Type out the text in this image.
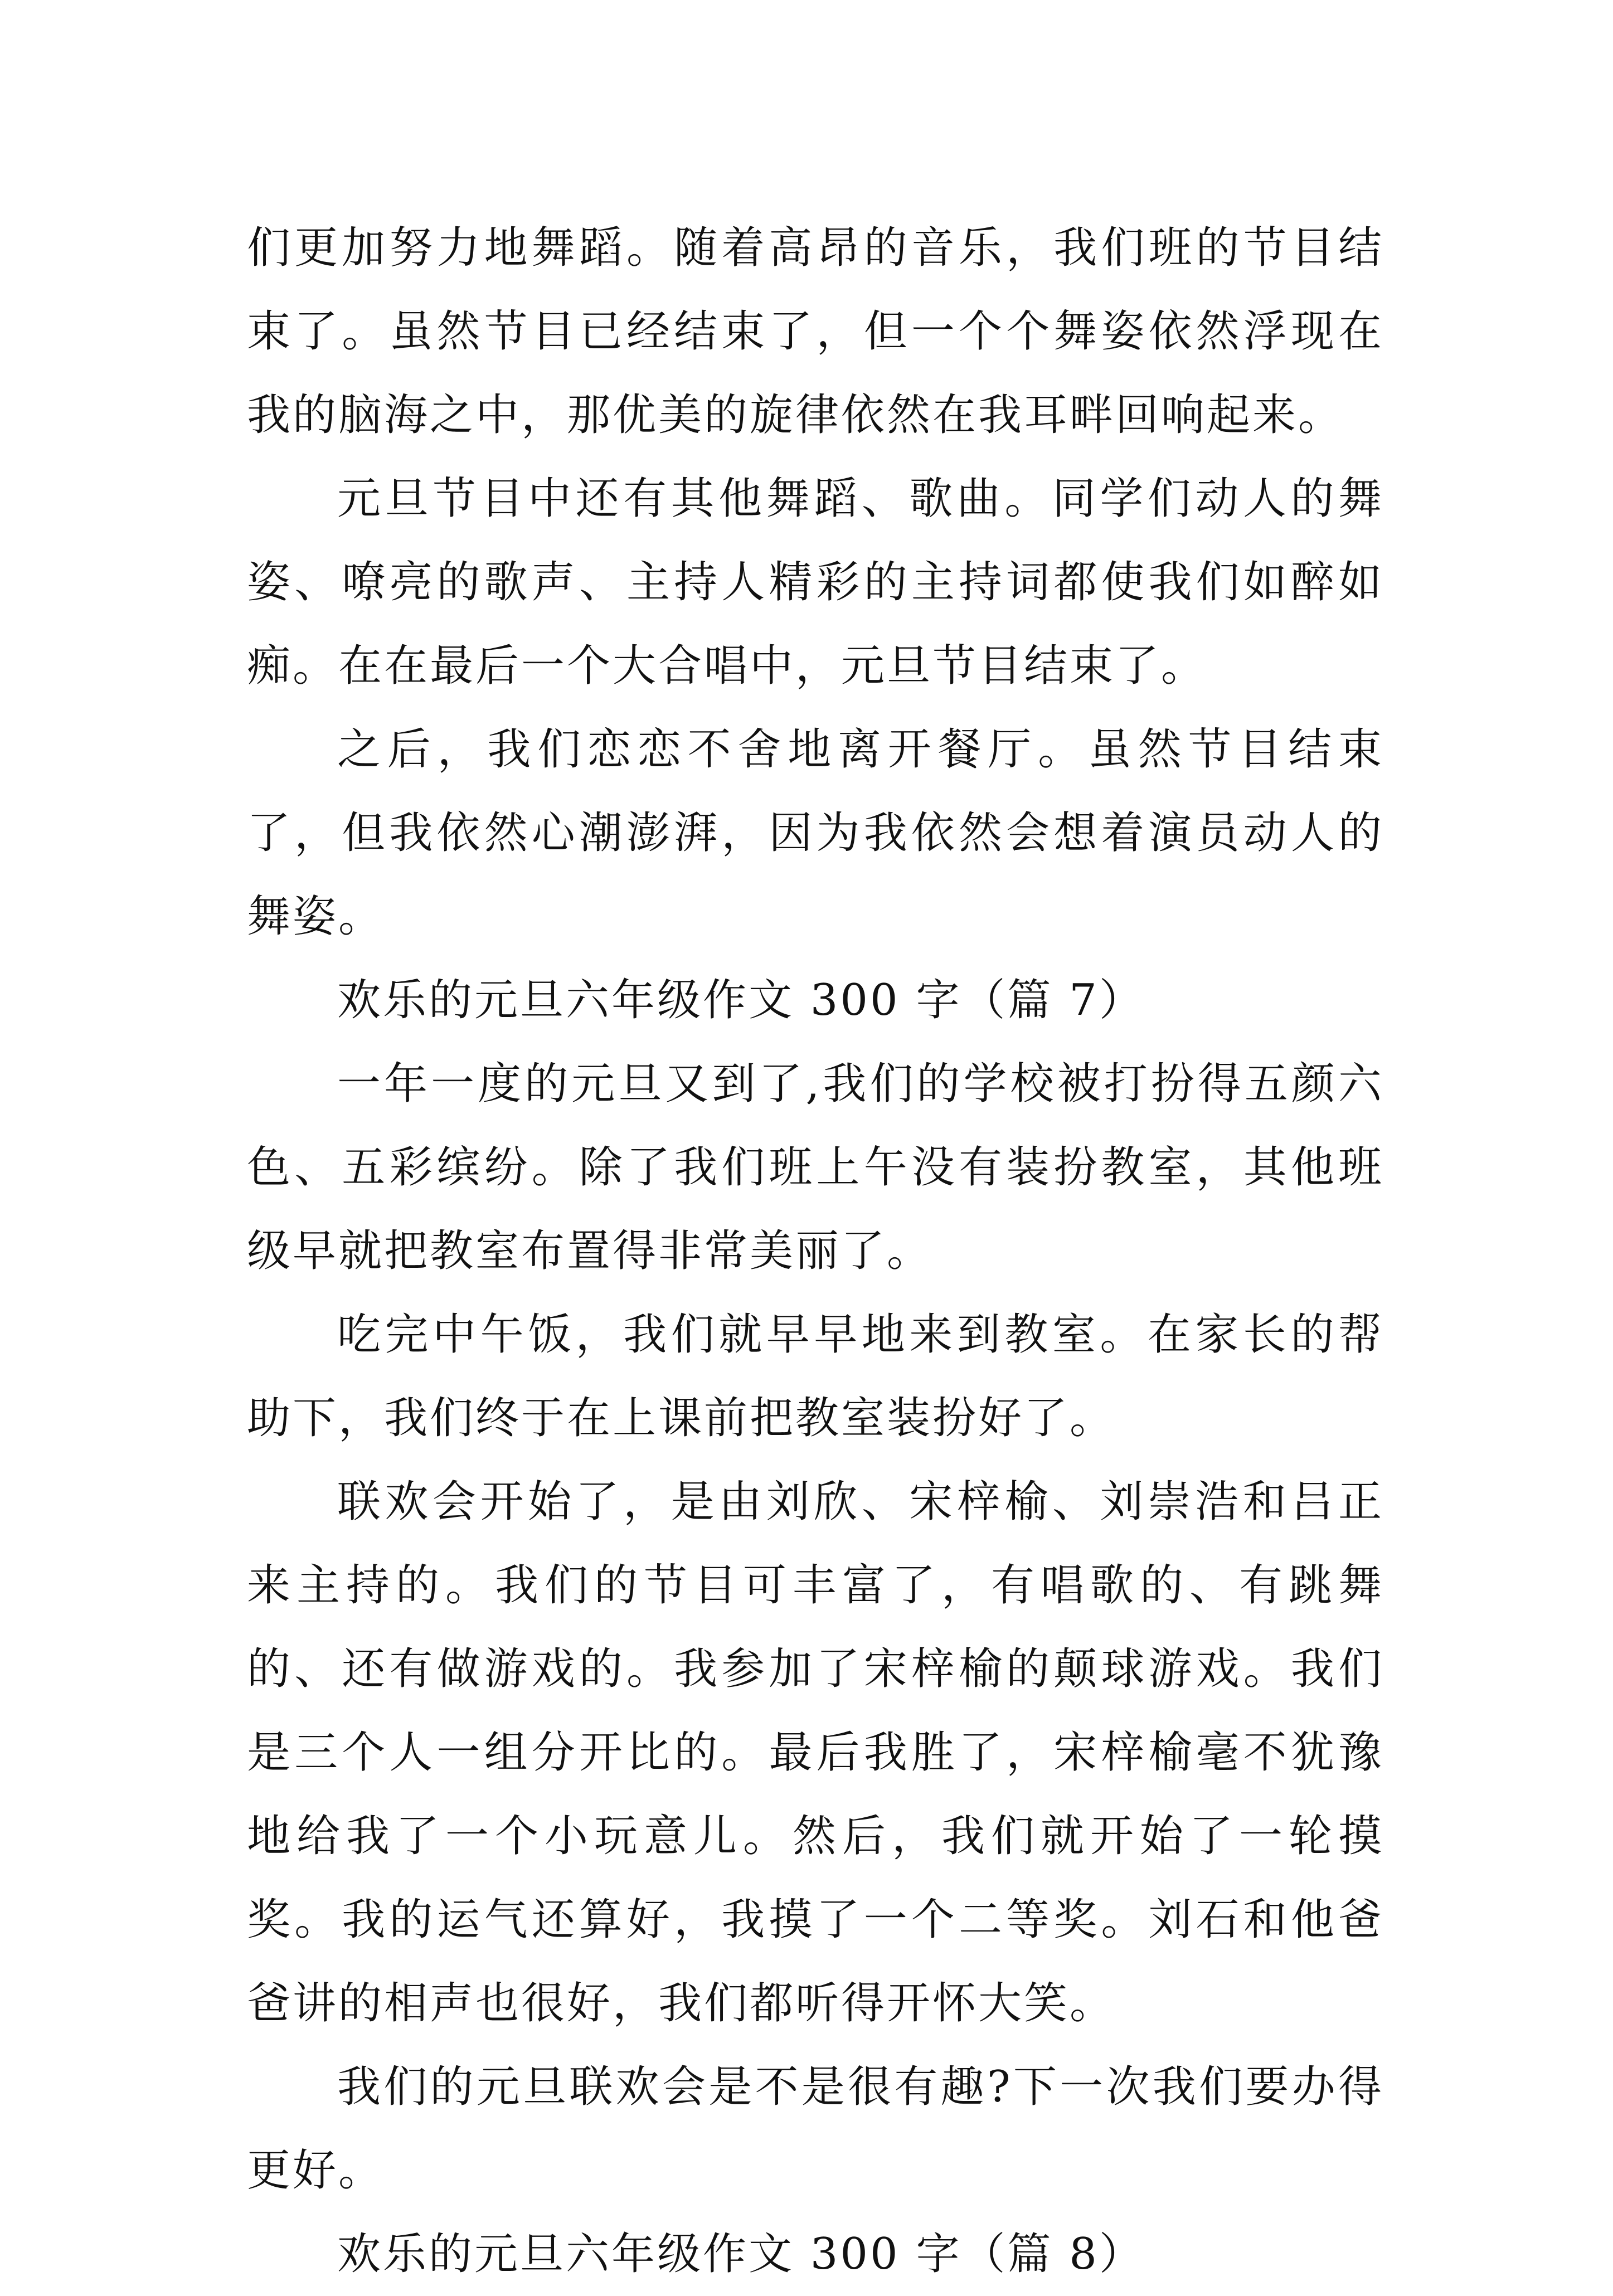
们更加努力地舞蹈。随着高昂的音乐，我们班的节目结束了。虽然节目已经结束了，但一个个舞姿依然浮现在我的脑海之中，那优美的旋律依然在我耳畔回响起来。

元旦节目中还有其他舞蹈、歌曲。同学们动人的舞姿、嘹亮的歌声、主持人精彩的主持词都使我们如醉如痴。在在最后一个大合唱中，元旦节目结束了。

之后，我们恋恋不舍地离开餐厅。虽然节目结束了，但我依然心潮澎湃，因为我依然会想着演员动人的舞姿。

欢乐的元旦六年级作文 300 字（篇 7）

一年一度的元旦又到了,我们的学校被打扮得五颜六色、五彩缤纷。除了我们班上午没有装扮教室，其他班级早就把教室布置得非常美丽了。

吃完中午饭，我们就早早地来到教室。在家长的帮助下，我们终于在上课前把教室装扮好了。

联欢会开始了，是由刘欣、宋梓榆、刘崇浩和吕正来主持的。我们的节目可丰富了，有唱歌的、有跳舞的、还有做游戏的。我参加了宋梓榆的颠球游戏。我们是三个人一组分开比的。最后我胜了，宋梓榆毫不犹豫地给我了一个小玩意儿。然后，我们就开始了一轮摸奖。我的运气还算好，我摸了一个二等奖。刘石和他爸爸讲的相声也很好，我们都听得开怀大笑。

我们的元旦联欢会是不是很有趣?下一次我们要办得更好。

欢乐的元旦六年级作文 300 字（篇 8）
